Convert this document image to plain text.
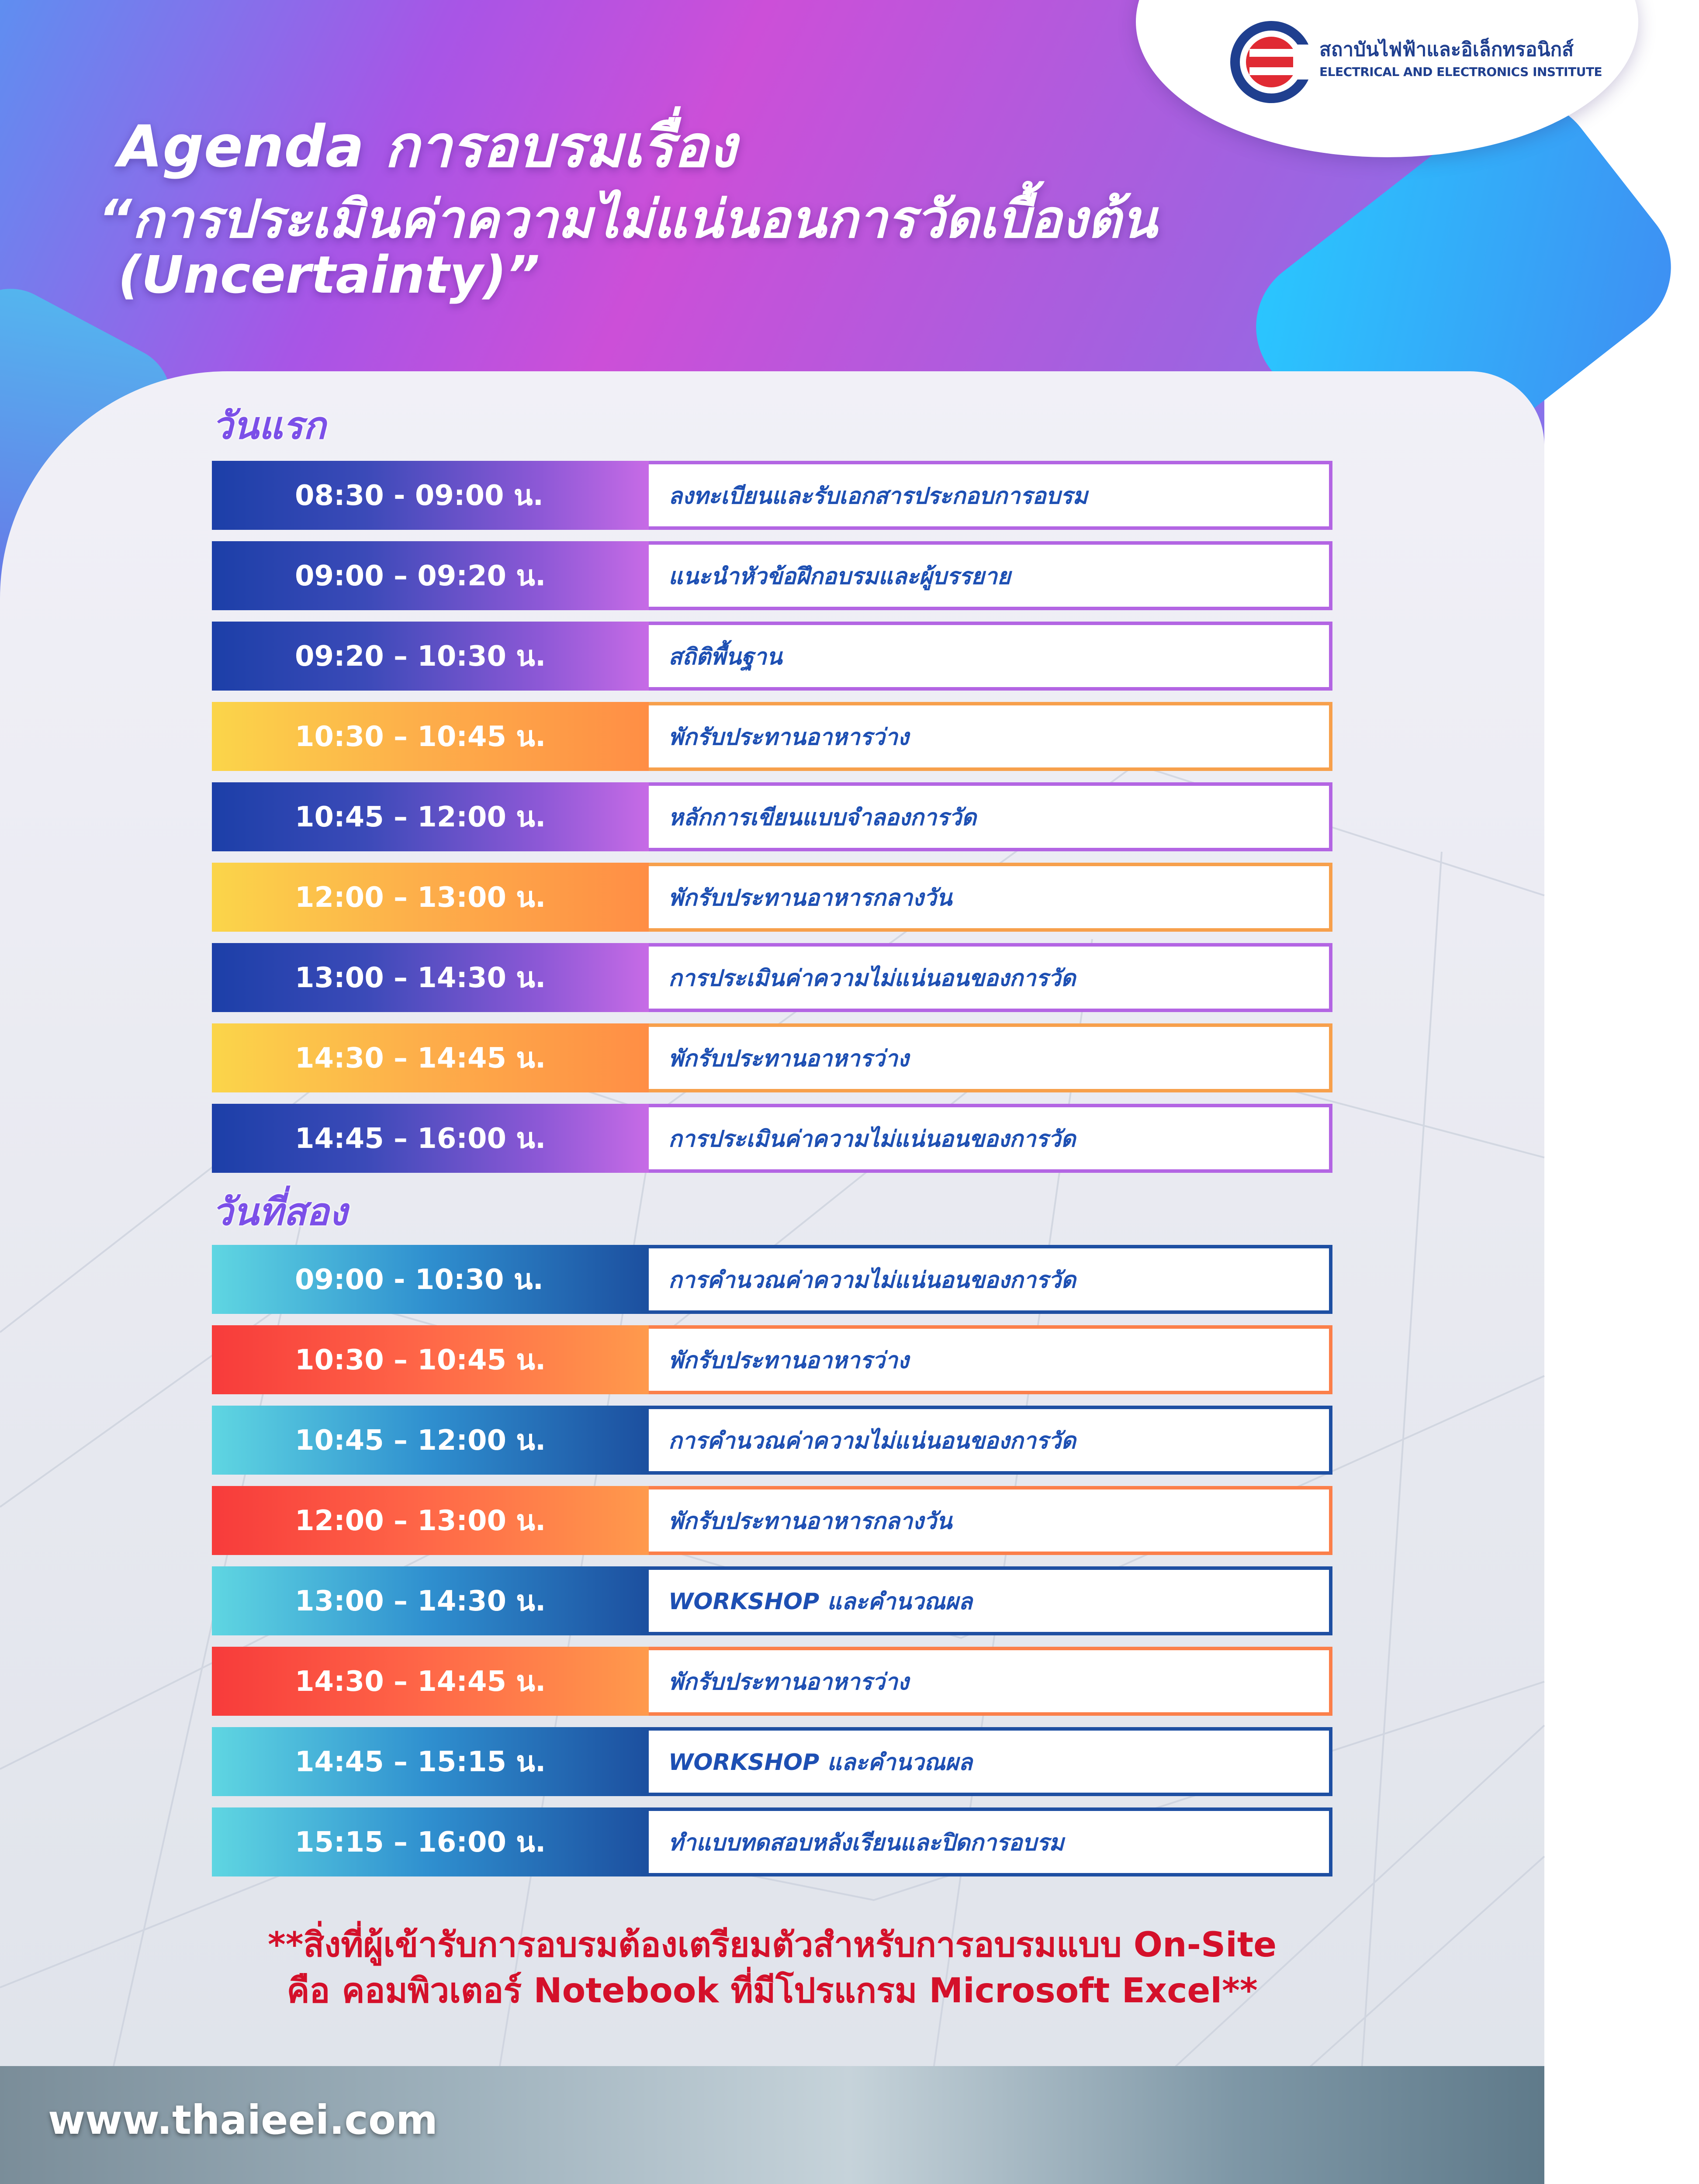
สถาบันไฟฟ้าและอิเล็กทรอนิกส์
ELECTRICAL AND ELECTRONICS INSTITUTE
Agenda การอบรมเรื่อง
“การประเมินค่าความไม่แน่นอนการวัดเบื้องต้น
(Uncertainty)”
วันแรก
08:30 - 09:00 น.	ลงทะเบียนและรับเอกสารประกอบการอบรม
09:00 – 09:20 น.	แนะนำหัวข้อฝึกอบรมและผู้บรรยาย
09:20 – 10:30 น.	สถิติพื้นฐาน
10:30 – 10:45 น.	พักรับประทานอาหารว่าง
10:45 – 12:00 น.	หลักการเขียนแบบจำลองการวัด
12:00 – 13:00 น.	พักรับประทานอาหารกลางวัน
13:00 – 14:30 น.	การประเมินค่าความไม่แน่นอนของการวัด
14:30 – 14:45 น.	พักรับประทานอาหารว่าง
14:45 – 16:00 น.	การประเมินค่าความไม่แน่นอนของการวัด
วันที่สอง
09:00 - 10:30 น.	การคำนวณค่าความไม่แน่นอนของการวัด
10:30 – 10:45 น.	พักรับประทานอาหารว่าง
10:45 – 12:00 น.	การคำนวณค่าความไม่แน่นอนของการวัด
12:00 – 13:00 น.	พักรับประทานอาหารกลางวัน
13:00 – 14:30 น.	WORKSHOP และคำนวณผล
14:30 – 14:45 น.	พักรับประทานอาหารว่าง
14:45 – 15:15 น.	WORKSHOP และคำนวณผล
15:15 – 16:00 น.	ทำแบบทดสอบหลังเรียนและปิดการอบรม
**สิ่งที่ผู้เข้ารับการอบรมต้องเตรียมตัวสำหรับการอบรมแบบ On-Site
คือ คอมพิวเตอร์ Notebook ที่มีโปรแกรม Microsoft Excel**
www.thaieei.com
